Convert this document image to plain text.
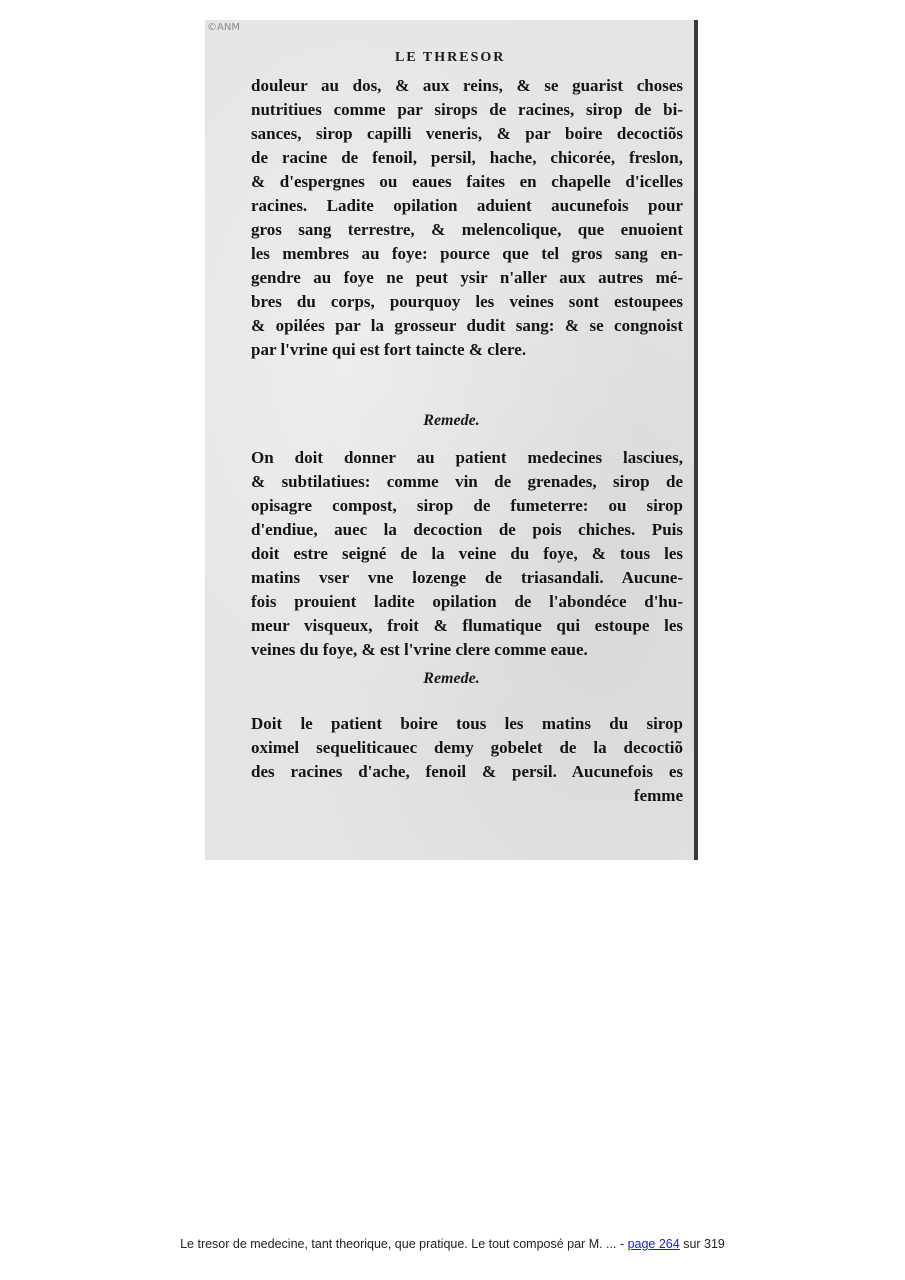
©ANM
LE THRESOR
douleur au dos, & aux reins, & se guarist choses
nutritiues comme par sirops de racines, sirop de bi-
sances, sirop capilli veneris, & par boire decoctiõs
de racine de fenoil, persil, hache, chicorée, freslon,
& d'espergnes ou eaues faites en chapelle d'icelles
racines. Ladite opilation aduient aucunefois pour
gros sang terrestre, & melencolique, que enuoient
les membres au foye: pource que tel gros sang en-
gendre au foye ne peut ysir n'aller aux autres mé-
bres du corps, pourquoy les veines sont estoupees
& opilées par la grosseur dudit sang: & se congnoist
par l'vrine qui est fort taincte & clere.
Remede.
On doit donner au patient medecines lasciues,
& subtilatiues: comme vin de grenades, sirop de
opisagre compost, sirop de fumeterre: ou sirop
d'endiue, auec la decoction de pois chiches. Puis
doit estre seigné de la veine du foye, & tous les
matins vser vne lozenge de triasandali. Aucune-
fois prouient ladite opilation de l'abondéce d'hu-
meur visqueux, froit & flumatique qui estoupe les
veines du foye, & est l'vrine clere comme eaue.
Remede.
Doit le patient boire tous les matins du sirop
oximel sequeliticauec demy gobelet de la decoctiõ
des racines d'ache, fenoil & persil. Aucunefois es
femme
Le tresor de medecine, tant theorique, que pratique. Le tout composé par M. ... - page 264 sur 319
